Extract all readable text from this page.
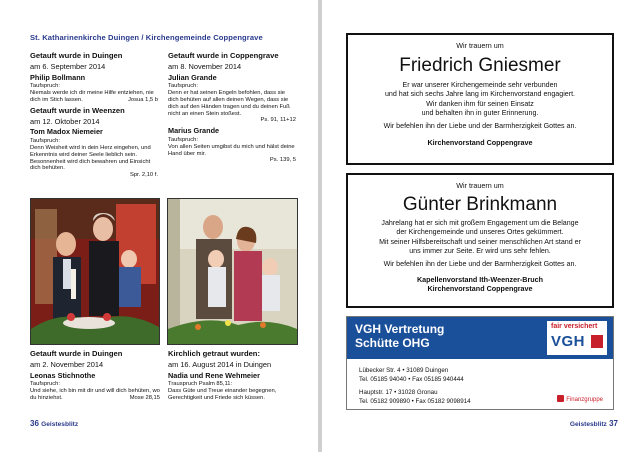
St. Katharinenkirche Duingen / Kirchengemeinde Coppengrave

Getauft wurde in Duingen

am 6. September 2014

Philip Bollmann

Taufspruch:

Niemals werde ich dir meine Hilfe entziehen, nie dich im Stich lassen.	Josua 1,5 b

Getauft wurde in Weenzen

am 12. Oktober 2014

Tom Madox Niemeier

Taufspruch:

Denn Weisheit wird in dein Herz eingehen, und Erkenntnis wird deiner Seele lieblich sein. Besonnenheit wird dich bewahren und Einsicht dich behüten.

Spr. 2,10 f.

Getauft wurde in Coppengrave

am 8. November 2014

Julian Grande

Taufspruch:

Denn er hat seinen Engeln befohlen, dass sie dich behüten auf allen deinen Wegen, dass sie dich auf den Händen tragen und du deinen Fuß nicht an einen Stein stoßest.

Ps. 91, 11+12

Marius Grande

Taufspruch:

Von allen Seiten umgibst du mich und hälst deine Hand über mir.

Ps. 139, 5

Getauft wurde in Duingen

am 2. November 2014

Leonas Stichnothe

Taufspruch:

Und siehe, ich bin mit dir und will dich behüten, wo du hinziehst.	Mose 28,15

Kirchlich getraut wurden:

am 16. August 2014 in Duingen

Nadia und Rene Wehmeier

Trauspruch Psalm 85,11:

Dass Güte und Treue einander begegnen, Gerechtigkeit und Friede sich küssen.

36 Geistesblitz

Wir trauern um

Friedrich Gniesmer

Er war unserer Kirchengemeinde sehr verbunden

und hat sich sechs Jahre lang im Kirchenvorstand engagiert.

Wir danken ihm für seinen Einsatz

und behalten ihn in guter Erinnerung.

Wir befehlen ihn der Liebe und der Barmherzigkeit Gottes an.

Kirchenvorstand Coppengrave

Wir trauern um

Günter Brinkmann

Jahrelang hat er sich mit großem Engagement um die Belange

der Kirchengemeinde und unseres Ortes gekümmert.

Mit seiner Hilfsbereitschaft und seiner menschlichen Art stand er

uns immer zur Seite. Er wird uns sehr fehlen.

Wir befehlen ihn der Liebe und der Barmherzigkeit Gottes an.

Kapellenvorstand Ith-Weenzer-Bruch

Kirchenvorstand Coppengrave

VGH Vertretung
Schütte OHG
fair versichert
VGH

Lübecker Str. 4 • 31089 Duingen

Tel. 05185 94040 • Fax 05185 940444

Hauptstr. 17 • 31028 Gronau

Tel. 05182 909890 • Fax 05182 9098914	Finanzgruppe
Geistesblitz 37
